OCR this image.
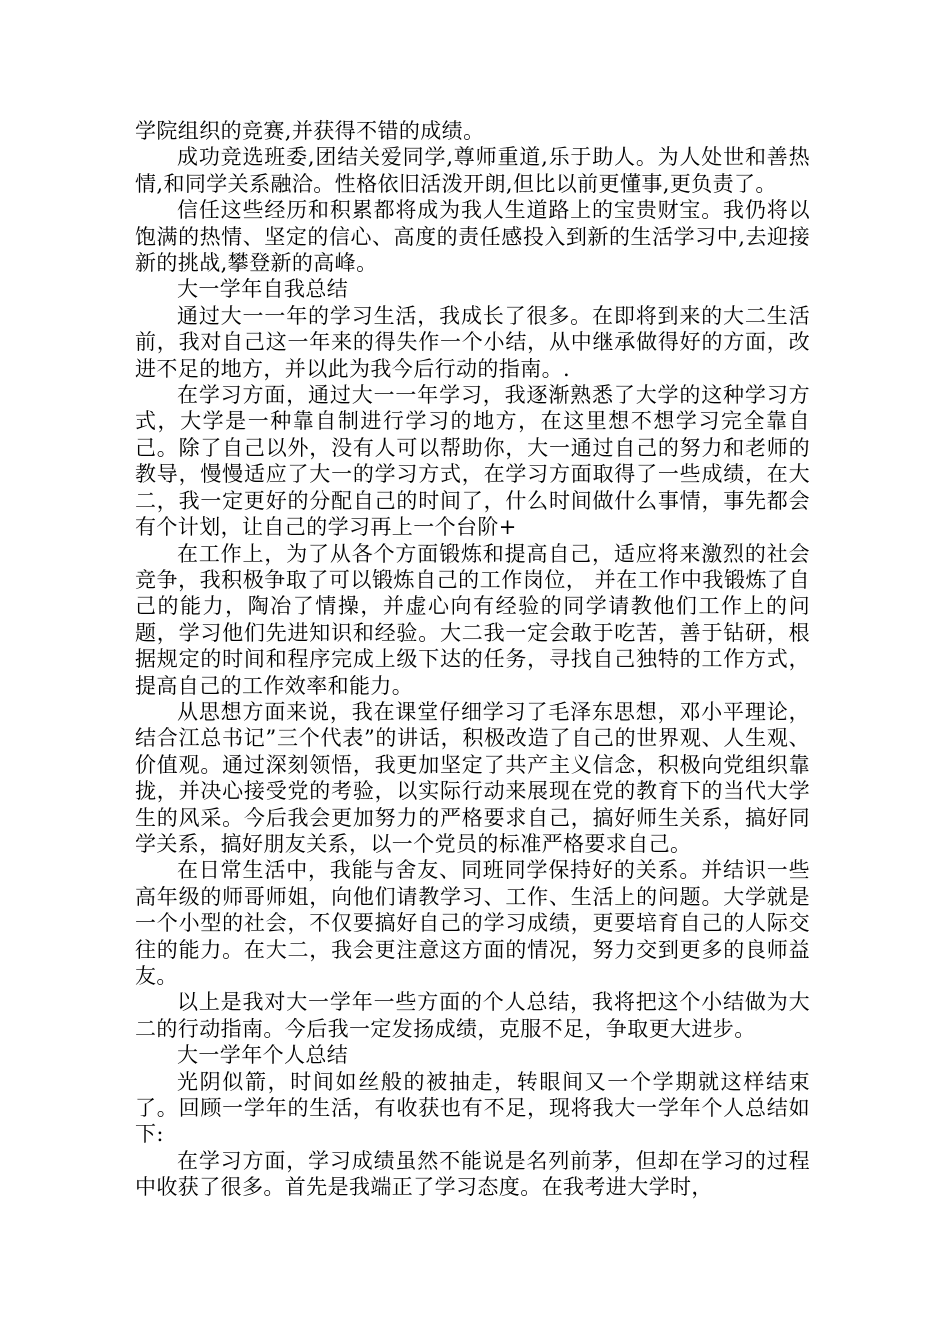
学院组织的竞赛,并获得不错的成绩。

成功竞选班委,团结关爱同学,尊师重道,乐于助人。为人处世和善热情,和同学关系融洽。性格依旧活泼开朗,但比以前更懂事,更负责了。

信任这些经历和积累都将成为我人生道路上的宝贵财宝。我仍将以饱满的热情、坚定的信心、高度的责任感投入到新的生活学习中,去迎接新的挑战,攀登新的高峰。

大一学年自我总结

通过大一一年的学习生活，我成长了很多。在即将到来的大二生活前，我对自己这一年来的得失作一个小结，从中继承做得好的方面，改进不足的地方，并以此为我今后行动的指南。.

在学习方面，通过大一一年学习，我逐渐熟悉了大学的这种学习方式，大学是一种靠自制进行学习的地方，在这里想不想学习完全靠自己。除了自己以外，没有人可以帮助你，大一通过自己的努力和老师的教导，慢慢适应了大一的学习方式，在学习方面取得了一些成绩，在大二，我一定更好的分配自己的时间了，什么时间做什么事情，事先都会有个计划，让自己的学习再上一个台阶+

在工作上，为了从各个方面锻炼和提高自己，适应将来激烈的社会竞争，我积极争取了可以锻炼自己的工作岗位， 并在工作中我锻炼了自己的能力，陶冶了情操，并虚心向有经验的同学请教他们工作上的问题，学习他们先进知识和经验。大二我一定会敢于吃苦，善于钻研，根据规定的时间和程序完成上级下达的任务，寻找自己独特的工作方式，提高自己的工作效率和能力。

从思想方面来说，我在课堂仔细学习了毛泽东思想，邓小平理论，结合江总书记”三个代表”的讲话，积极改造了自己的世界观、人生观、价值观。通过深刻领悟，我更加坚定了共产主义信念，积极向党组织靠拢，并决心接受党的考验，以实际行动来展现在党的教育下的当代大学生的风采。今后我会更加努力的严格要求自己，搞好师生关系，搞好同学关系，搞好朋友关系，以一个党员的标准严格要求自己。

在日常生活中，我能与舍友、同班同学保持好的关系。并结识一些高年级的师哥师姐，向他们请教学习、工作、生活上的问题。大学就是一个小型的社会，不仅要搞好自己的学习成绩，更要培育自己的人际交往的能力。在大二，我会更注意这方面的情况，努力交到更多的良师益友。

以上是我对大一学年一些方面的个人总结，我将把这个小结做为大二的行动指南。今后我一定发扬成绩，克服不足，争取更大进步。

大一学年个人总结

光阴似箭，时间如丝般的被抽走，转眼间又一个学期就这样结束了。回顾一学年的生活，有收获也有不足，现将我大一学年个人总结如下:

在学习方面，学习成绩虽然不能说是名列前茅，但却在学习的过程中收获了很多。首先是我端正了学习态度。在我考进大学时，
